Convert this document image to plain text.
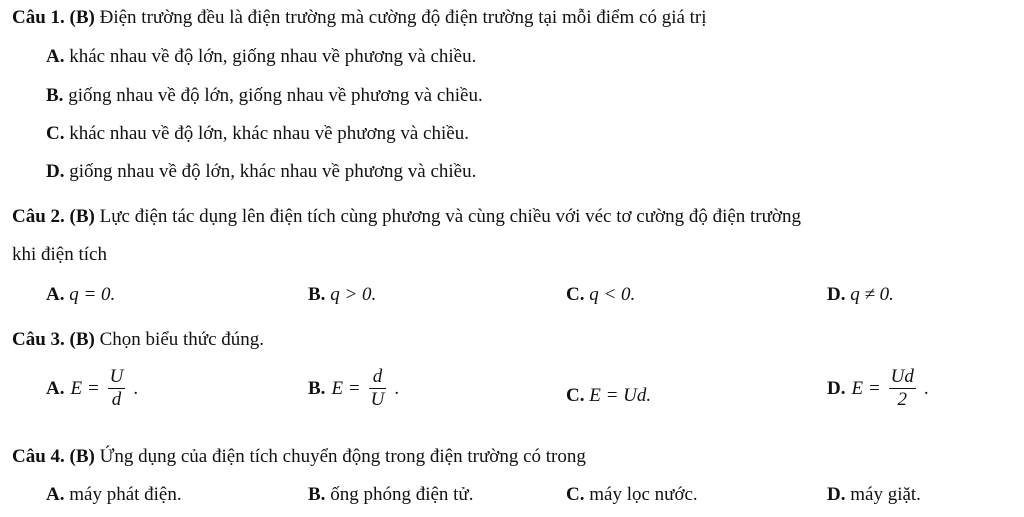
Câu 1. (B) Điện trường đều là điện trường mà cường độ điện trường tại mỗi điểm có giá trị
A. khác nhau về độ lớn, giống nhau về phương và chiều.
B. giống nhau về độ lớn, giống nhau về phương và chiều.
C. khác nhau về độ lớn, khác nhau về phương và chiều.
D. giống nhau về độ lớn, khác nhau về phương và chiều.
Câu 2. (B) Lực điện tác dụng lên điện tích cùng phương và cùng chiều với véc tơ cường độ điện trường
khi điện tích
A. q = 0.	B. q > 0.	C. q < 0.	D. q ≠ 0.
Câu 3. (B) Chọn biểu thức đúng.
A. $E = \frac{U}{d}$ .	B. $E = \frac{d}{U}$ .	C. E = Ud.	D. $E = \frac{Ud}{2}$ .
Câu 4. (B) Ứng dụng của điện tích chuyển động trong điện trường có trong
A. máy phát điện.	B. ống phóng điện tử.	C. máy lọc nước.	D. máy giặt.
